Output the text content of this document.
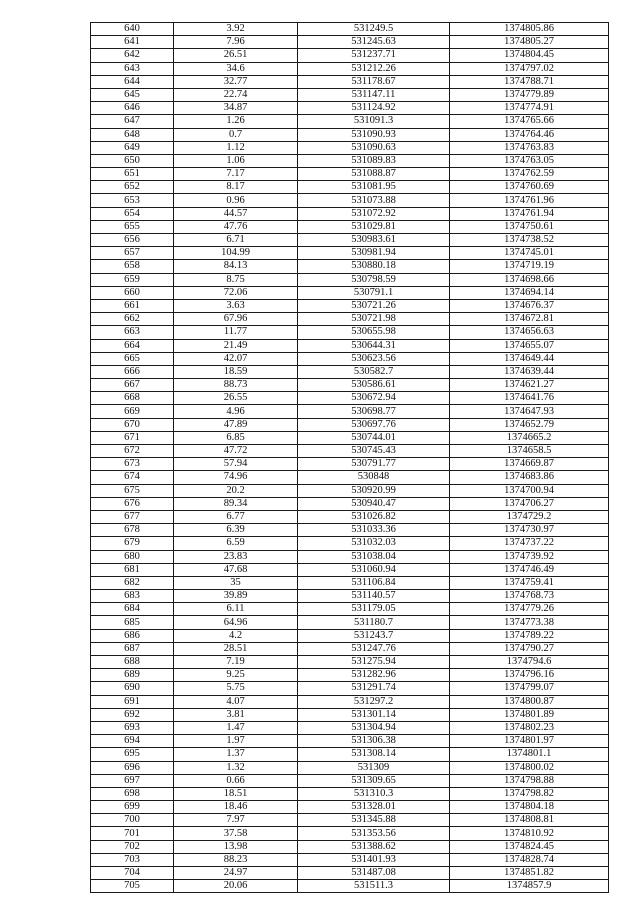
640	3.92	531249.5	1374805.86
641	7.96	531245.63	1374805.27
642	26.51	531237.71	1374804.45
643	34.6	531212.26	1374797.02
644	32.77	531178.67	1374788.71
645	22.74	531147.11	1374779.89
646	34.87	531124.92	1374774.91
647	1.26	531091.3	1374765.66
648	0.7	531090.93	1374764.46
649	1.12	531090.63	1374763.83
650	1.06	531089.83	1374763.05
651	7.17	531088.87	1374762.59
652	8.17	531081.95	1374760.69
653	0.96	531073.88	1374761.96
654	44.57	531072.92	1374761.94
655	47.76	531029.81	1374750.61
656	6.71	530983.61	1374738.52
657	104.99	530981.94	1374745.01
658	84.13	530880.18	1374719.19
659	8.75	530798.59	1374698.66
660	72.06	530791.1	1374694.14
661	3.63	530721.26	1374676.37
662	67.96	530721.98	1374672.81
663	11.77	530655.98	1374656.63
664	21.49	530644.31	1374655.07
665	42.07	530623.56	1374649.44
666	18.59	530582.7	1374639.44
667	88.73	530586.61	1374621.27
668	26.55	530672.94	1374641.76
669	4.96	530698.77	1374647.93
670	47.89	530697.76	1374652.79
671	6.85	530744.01	1374665.2
672	47.72	530745.43	1374658.5
673	57.94	530791.77	1374669.87
674	74.96	530848	1374683.86
675	20.2	530920.99	1374700.94
676	89.34	530940.47	1374706.27
677	6.77	531026.82	1374729.2
678	6.39	531033.36	1374730.97
679	6.59	531032.03	1374737.22
680	23.83	531038.04	1374739.92
681	47.68	531060.94	1374746.49
682	35	531106.84	1374759.41
683	39.89	531140.57	1374768.73
684	6.11	531179.05	1374779.26
685	64.96	531180.7	1374773.38
686	4.2	531243.7	1374789.22
687	28.51	531247.76	1374790.27
688	7.19	531275.94	1374794.6
689	9.25	531282.96	1374796.16
690	5.75	531291.74	1374799.07
691	4.07	531297.2	1374800.87
692	3.81	531301.14	1374801.89
693	1.47	531304.94	1374802.23
694	1.97	531306.38	1374801.97
695	1.37	531308.14	1374801.1
696	1.32	531309	1374800.02
697	0.66	531309.65	1374798.88
698	18.51	531310.3	1374798.82
699	18.46	531328.01	1374804.18
700	7.97	531345.88	1374808.81
701	37.58	531353.56	1374810.92
702	13.98	531388.62	1374824.45
703	88.23	531401.93	1374828.74
704	24.97	531487.08	1374851.82
705	20.06	531511.3	1374857.9
